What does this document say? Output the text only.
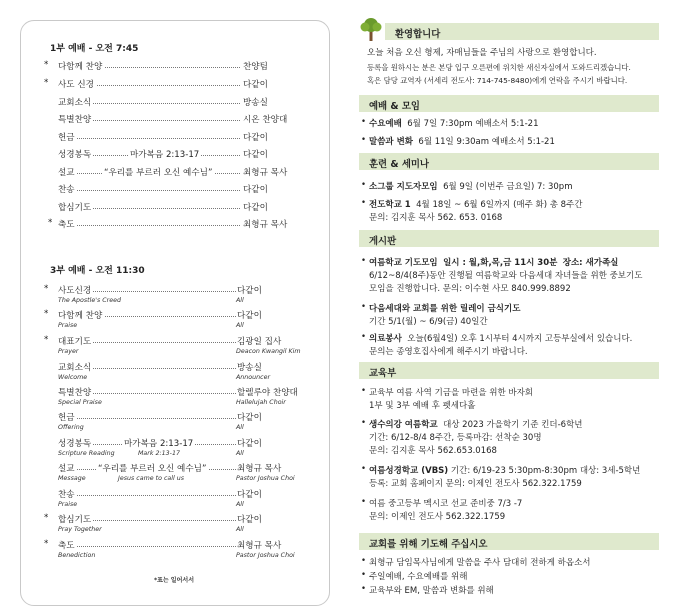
1부 예배 - 오전 7:45
*	다함께 찬양	찬양팀
*	사도 신경	다같이
교회소식	방송실
특별찬양	시온 찬양대
헌금	다같이
성경봉독	마가복음 2:13-17	다같이
설교	“우리를 부르러 오신 예수님”	최형규 목사
찬송	다같이
합심기도	다같이
* 축도	최형규 목사
3부 예배 - 오전 11:30
*	사도신경	다같이
The Apostle's Creed	All
*	다함께 찬양	다같이
Praise	All
*	대표기도	김광일 집사
Prayer	Deacon Kwangil Kim
교회소식	방송실
Welcome	Announcer
특별찬양	할렐루야 찬양대
Special Praise	Hallelujah Choir
헌금	다같이
Offering	All
성경봉독	마가복음 2:13-17	다같이
Scripture Reading	Mark 2:13-17	All
설교	“우리를 부르러 오신 예수님”	최형규 목사
Message	Jesus came to call us	Pastor Joshua Choi
찬송	다같이
Praise	All
*	합심기도	다같이
Pray Together	All
*	축도	최형규 목사
Benediction	Pastor Joshua Choi
*표는 일어서서
환영합니다
오늘 처음 오신 형제, 자매님들을 주님의 사랑으로 환영합니다.
등록을 원하시는 분은 본당 입구 오른편에 위치한 새신자실에서 도와드리겠습니다.
혹은 담당 교역자 (서세리 전도사: 714-745-8480)에게 연락을 주시기 바랍니다.
예배 & 모임
• 수요예배 6월 7일 7:30pm 예배소서 5:1-21
• 말씀과 변화 6월 11일 9:30am 예배소서 5:1-21
훈련 & 세미나
• 소그룹 지도자모임 6월 9일 (이번주 금요일) 7: 30pm
• 전도학교 1 4월 18일 ~ 6월 6일까지 (매주 화) 총 8주간
문의: 김지훈 목사 562. 653. 0168
게시판
• 여름학교 기도모임 일시 : 월,화,목,금 11시 30분 장소: 새가족실
6/12~8/4(8주)동안 진행될 여름학교와 다음세대 자녀들을 위한 중보기도
모임을 진행합니다. 문의: 이수현 사모 840.999.8892
• 다음세대와 교회를 위한 릴레이 금식기도
기간 5/1(월) ~ 6/9(금) 40일간
• 의료봉사 오늘(6월4일) 오후 1시부터 4시까지 고등부실에서 있습니다.
문의는 종영호집사에게 해주시기 바랍니다.
교육부
• 교육부 여름 사역 기금을 마련을 위한 바자회
1부 및 3부 예배 후 펫세다홀
• 생수의강 여름학교 대상 2023 가을학기 기준 킨더-6학년
기간: 6/12-8/4 8주간, 등록마감: 선착순 30명
문의: 김지훈 목사 562.653.0168
• 여름성경학교 (VBS) 기간: 6/19-23 5:30pm-8:30pm 대상: 3세-5학년
등록: 교회 홈페이지 문의: 이제인 전도사 562.322.1759
• 여름 중고등부 멕시코 선교 준비중 7/3 -7
문의: 이제인 전도사 562.322.1759
교회를 위해 기도해 주십시오
• 최형규 담임목사님에게 말씀을 주사 담대히 전하게 하옵소서
• 주일예배, 수요예배를 위해
• 교육부와 EM, 말씀과 변화를 위해
